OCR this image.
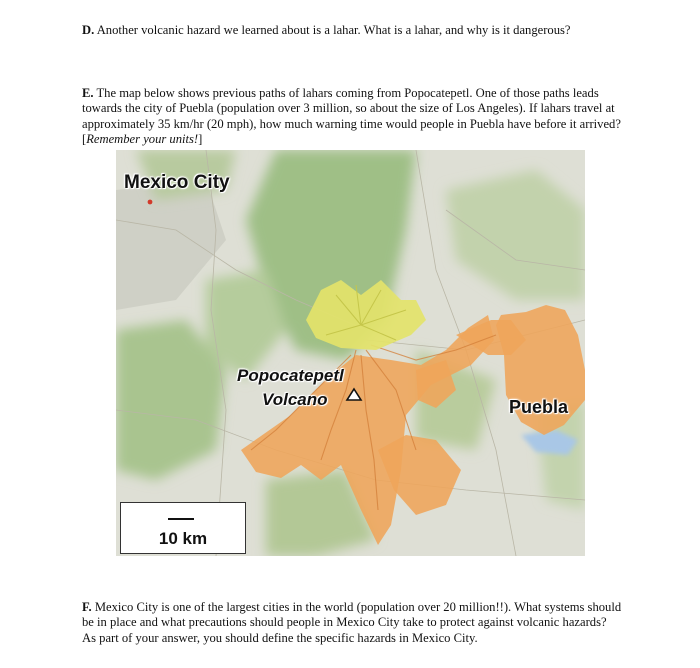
D. Another volcanic hazard we learned about is a lahar. What is a lahar, and why is it dangerous?

E. The map below shows previous paths of lahars coming from Popocatepetl. One of those paths leads towards the city of Puebla (population over 3 million, so about the size of Los Angeles). If lahars travel at approximately 35 km/hr (20 mph), how much warning time would people in Puebla have before it arrived? [Remember your units!]

Mexico City
Popocatepetl
Volcano	Puebla
10 km

F. Mexico City is one of the largest cities in the world (population over 20 million!!). What systems should be in place and what precautions should people in Mexico City take to protect against volcanic hazards? As part of your answer, you should define the specific hazards in Mexico City.
